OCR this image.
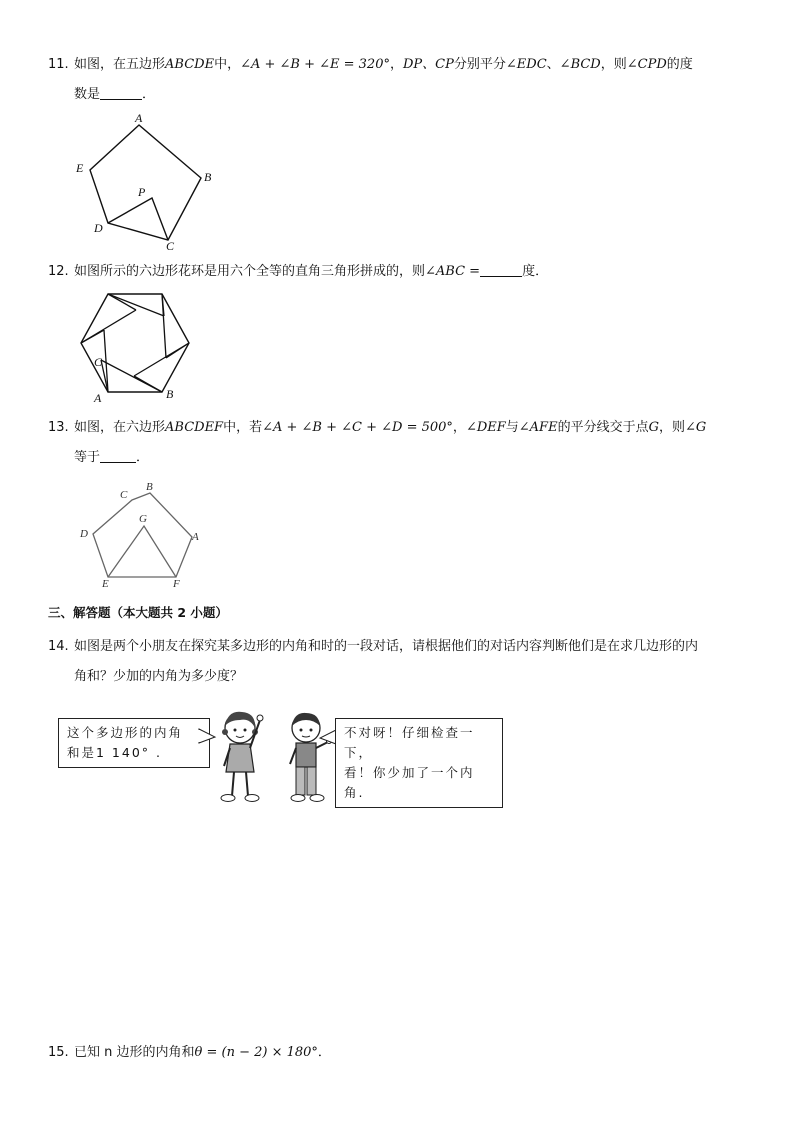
11. 如图，在五边形ABCDE中，∠A + ∠B + ∠E = 320°，DP、CP分别平分∠EDC、∠BCD，则∠CPD的度
数是	．
A
B
C
D
E
P
12. 如图所示的六边形花环是用六个全等的直角三角形拼成的，则∠ABC =	度．
C
A	B
13. 如图，在六边形ABCDEF中，若∠A + ∠B + ∠C + ∠D = 500°，∠DEF与∠AFE的平分线交于点G，则∠G
等于	．
C
B
A
D
E	F
G
三、解答题（本大题共 2 小题）
14. 如图是两个小朋友在探究某多边形的内角和时的一段对话，请根据他们的对话内容判断他们是在求几边形的内
角和？少加的内角为多少度？
这个多边形的内角
和是1 140° .
不对呀！仔细检查一下，
看！你少加了一个内角.
15. 已知 n 边形的内角和θ = (n − 2) × 180°．
